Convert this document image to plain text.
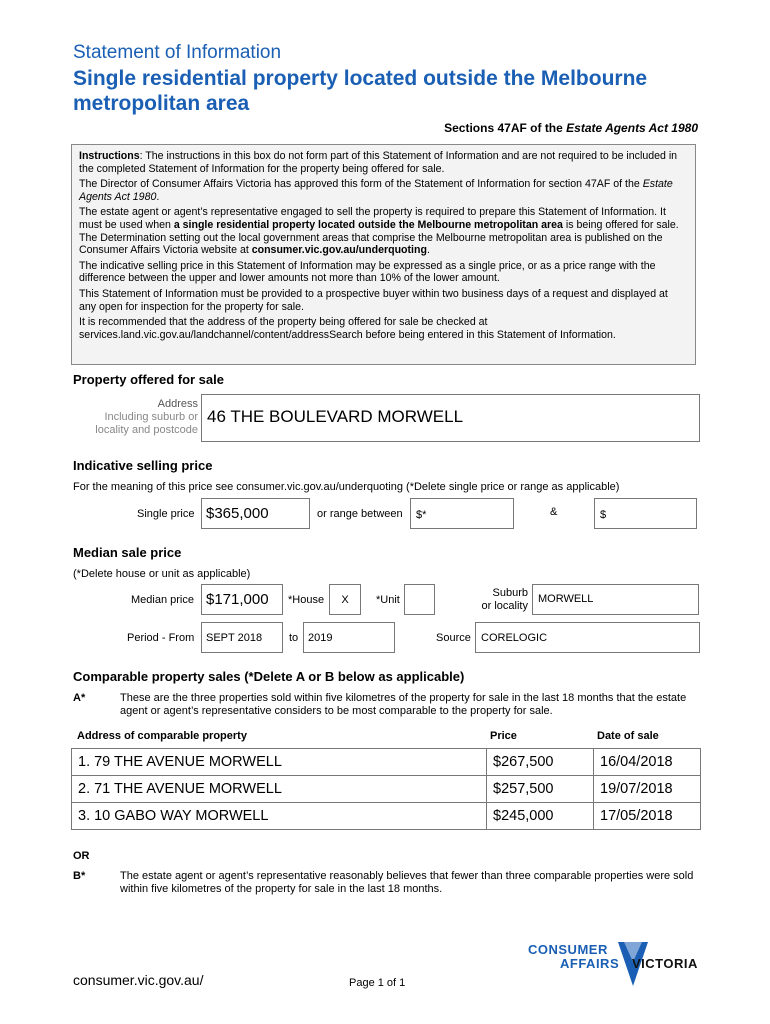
Statement of Information
Single residential property located outside the Melbourne metropolitan area
Sections 47AF of the Estate Agents Act 1980

Instructions: The instructions in this box do not form part of this Statement of Information and are not required to be included in the completed Statement of Information for the property being offered for sale.

The Director of Consumer Affairs Victoria has approved this form of the Statement of Information for section 47AF of the Estate Agents Act 1980.

The estate agent or agent’s representative engaged to sell the property is required to prepare this Statement of Information. It must be used when a single residential property located outside the Melbourne metropolitan area is being offered for sale. The Determination setting out the local government areas that comprise the Melbourne metropolitan area is published on the Consumer Affairs Victoria website at consumer.vic.gov.au/underquoting.

The indicative selling price in this Statement of Information may be expressed as a single price, or as a price range with the difference between the upper and lower amounts not more than 10% of the lower amount.

This Statement of Information must be provided to a prospective buyer within two business days of a request and displayed at any open for inspection for the property for sale.

It is recommended that the address of the property being offered for sale be checked at services.land.vic.gov.au/landchannel/content/addressSearch before being entered in this Statement of Information.

Property offered for sale
Address
Including suburb or
locality and postcode
46 THE BOULEVARD MORWELL
Indicative selling price
For the meaning of this price see consumer.vic.gov.au/underquoting (*Delete single price or range as applicable)
Single price $365,000	or range between	$*	&	$
Median sale price
(*Delete house or unit as applicable)
Median price $171,000	*House	X	*Unit
Suburb
or locality
MORWELL
Period - From	SEPT 2018	to 2019	Source CORELOGIC
Comparable property sales (*Delete A or B below as applicable)
A*	These are the three properties sold within five kilometres of the property for sale in the last 18 months that the estate agent or agent’s representative considers to be most comparable to the property for sale.
Address of comparable property	Price	Date of sale
1. 79 THE AVENUE MORWELL	$267,500	16/04/2018
2. 71 THE AVENUE MORWELL	$257,500	19/07/2018
3. 10 GABO WAY MORWELL	$245,000	17/05/2018
OR
B*	The estate agent or agent’s representative reasonably believes that fewer than three comparable properties were sold within five kilometres of the property for sale in the last 18 months.
consumer.vic.gov.au/	Page 1 of 1
CONSUMER
AFFAIRS VICTORIA
